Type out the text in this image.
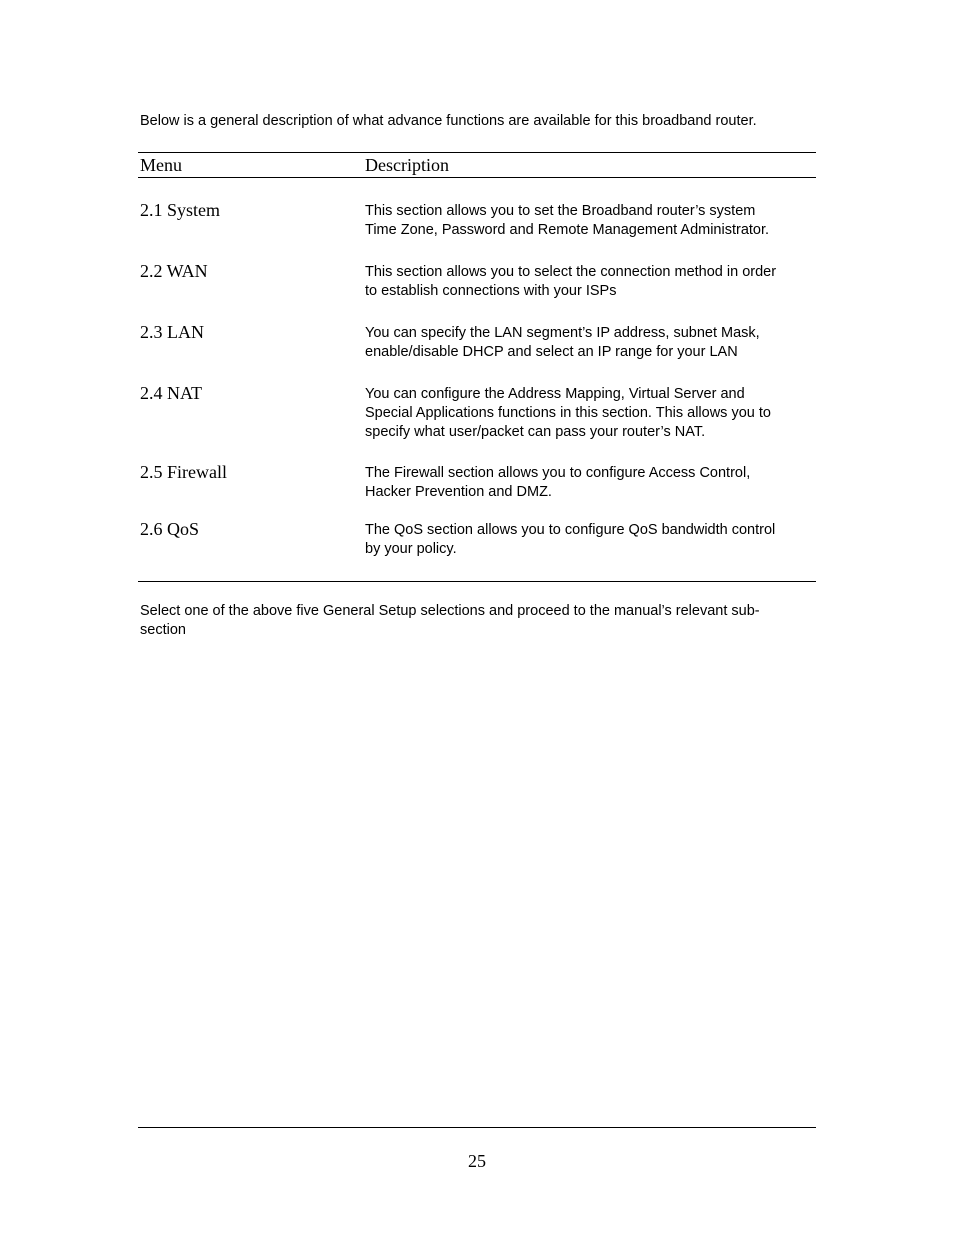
Below is a general description of what advance functions are available for this broadband router.

Menu	Description
2.1 System	This section allows you to set the Broadband router’s system
Time Zone, Password and Remote Management Administrator.
2.2 WAN	This section allows you to select the connection method in order
to establish connections with your ISPs
2.3 LAN	You can specify the LAN segment’s IP address, subnet Mask,
enable/disable DHCP and select an IP range for your LAN
2.4 NAT	You can configure the Address Mapping, Virtual Server and
Special Applications functions in this section. This allows you to
specify what user/packet can pass your router’s NAT.
2.5 Firewall	The Firewall section allows you to configure Access Control,
Hacker Prevention and DMZ.
2.6 QoS	The QoS section allows you to configure QoS bandwidth control
by your policy.
Select one of the above five General Setup selections and proceed to the manual’s relevant sub-
section
25
